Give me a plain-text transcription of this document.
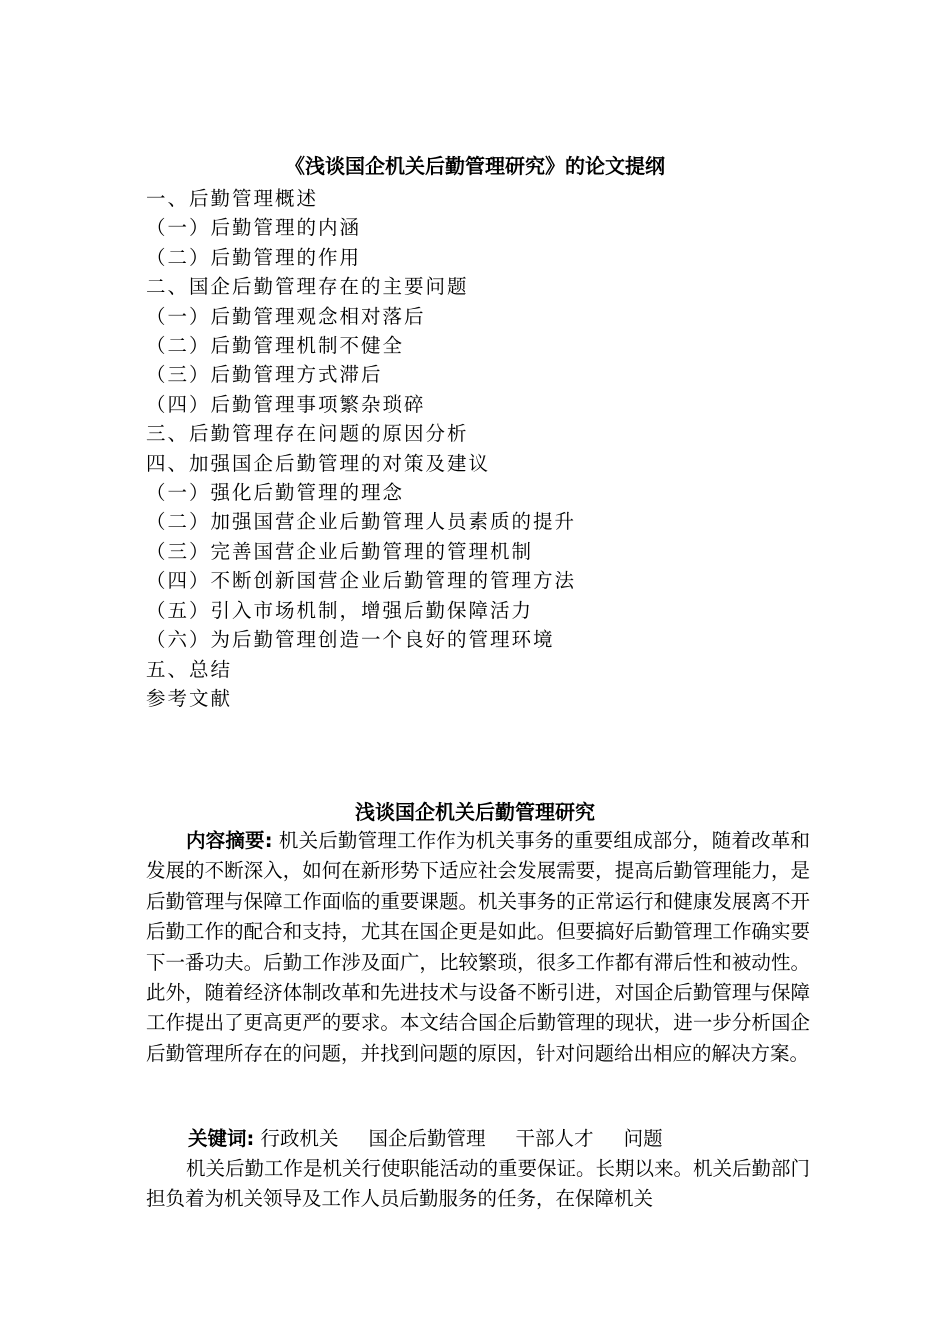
《浅谈国企机关后勤管理研究》的论文提纲
一、后勤管理概述
（一）后勤管理的内涵
（二）后勤管理的作用
二、国企后勤管理存在的主要问题
（一）后勤管理观念相对落后
（二）后勤管理机制不健全
（三）后勤管理方式滞后
（四）后勤管理事项繁杂琐碎
三、后勤管理存在问题的原因分析
四、加强国企后勤管理的对策及建议
（一）强化后勤管理的理念
（二）加强国营企业后勤管理人员素质的提升
（三）完善国营企业后勤管理的管理机制
（四）不断创新国营企业后勤管理的管理方法
（五）引入市场机制，增强后勤保障活力
（六）为后勤管理创造一个良好的管理环境
五、总结
参考文献
浅谈国企机关后勤管理研究

内容摘要: 机关后勤管理工作作为机关事务的重要组成部分，随着改革和发展的不断深入，如何在新形势下适应社会发展需要，提高后勤管理能力，是后勤管理与保障工作面临的重要课题。机关事务的正常运行和健康发展离不开后勤工作的配合和支持，尤其在国企更是如此。但要搞好后勤管理工作确实要下一番功夫。后勤工作涉及面广，比较繁琐，很多工作都有滞后性和被动性。此外，随着经济体制改革和先进技术与设备不断引进，对国企后勤管理与保障工作提出了更高更严的要求。本文结合国企后勤管理的现状，进一步分析国企后勤管理所存在的问题，并找到问题的原因，针对问题给出相应的解决方案。

关键词: 行政机关 国企后勤管理 干部人才 问题

机关后勤工作是机关行使职能活动的重要保证。长期以来。机关后勤部门担负着为机关领导及工作人员后勤服务的任务，在保障机关
